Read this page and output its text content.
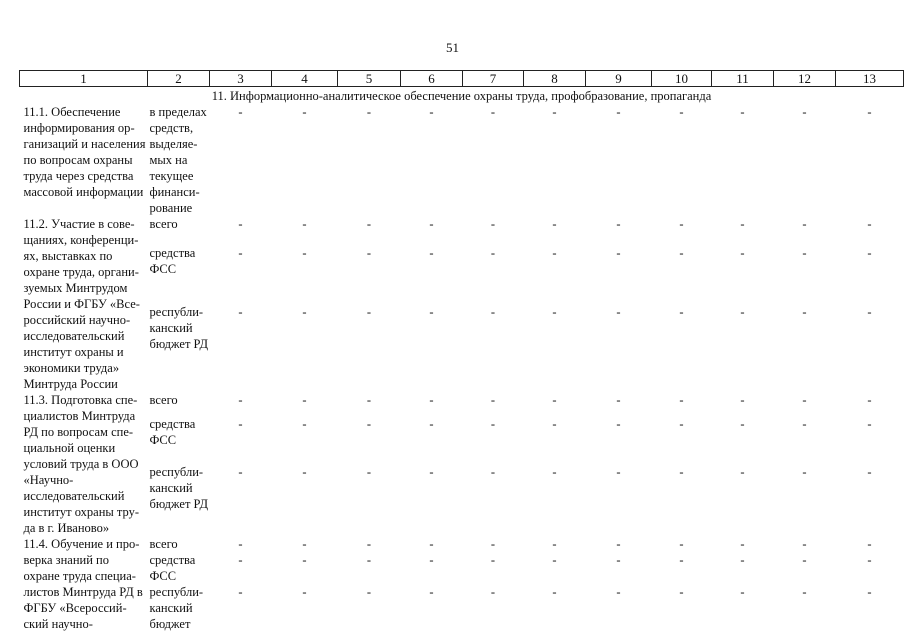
51
1	2	3	4	5	6	7	8	9	10	11	12	13
11. Информационно-аналитическое обеспечение охраны труда, профобразование, пропаганда												
11.1. Обеспечение информирования организаций и населения по вопросам охраны труда через средства массовой информации	в пределах средств, выделяемых на текущее финансирование	-	-	-	-	-	-	-	-	-	-	-
11.2. Участие в совещаниях, конференциях, выставках по охране труда, организуемых Минтрудом России и ФГБУ «Всероссийский научно-исследовательский институт охраны и экономики труда» Минтруда России	всего	-	-	-	-	-	-	-	-	-	-	-
	средства ФСС	-	-	-	-	-	-	-	-	-	-	-
	республиканский бюджет РД	-	-	-	-	-	-	-	-	-	-	-
11.3. Подготовка специалистов Минтруда РД по вопросам специальной оценки условий труда в ООО «Научно-исследовательский институт охраны труда в г. Иваново»	всего	-	-	-	-	-	-	-	-	-	-	-
	средства ФСС	-	-	-	-	-	-	-	-	-	-	-
	республиканский бюджет РД	-	-	-	-	-	-	-	-	-	-	-
11.4. Обучение и проверка знаний по охране труда специалистов Минтруда РД в ФГБУ «Всероссийский научно-	всего	-	-	-	-	-	-	-	-	-	-	-
	средства ФСС	-	-	-	-	-	-	-	-	-	-	-
	республиканский бюджет	-	-	-	-	-	-	-	-	-	-	-
